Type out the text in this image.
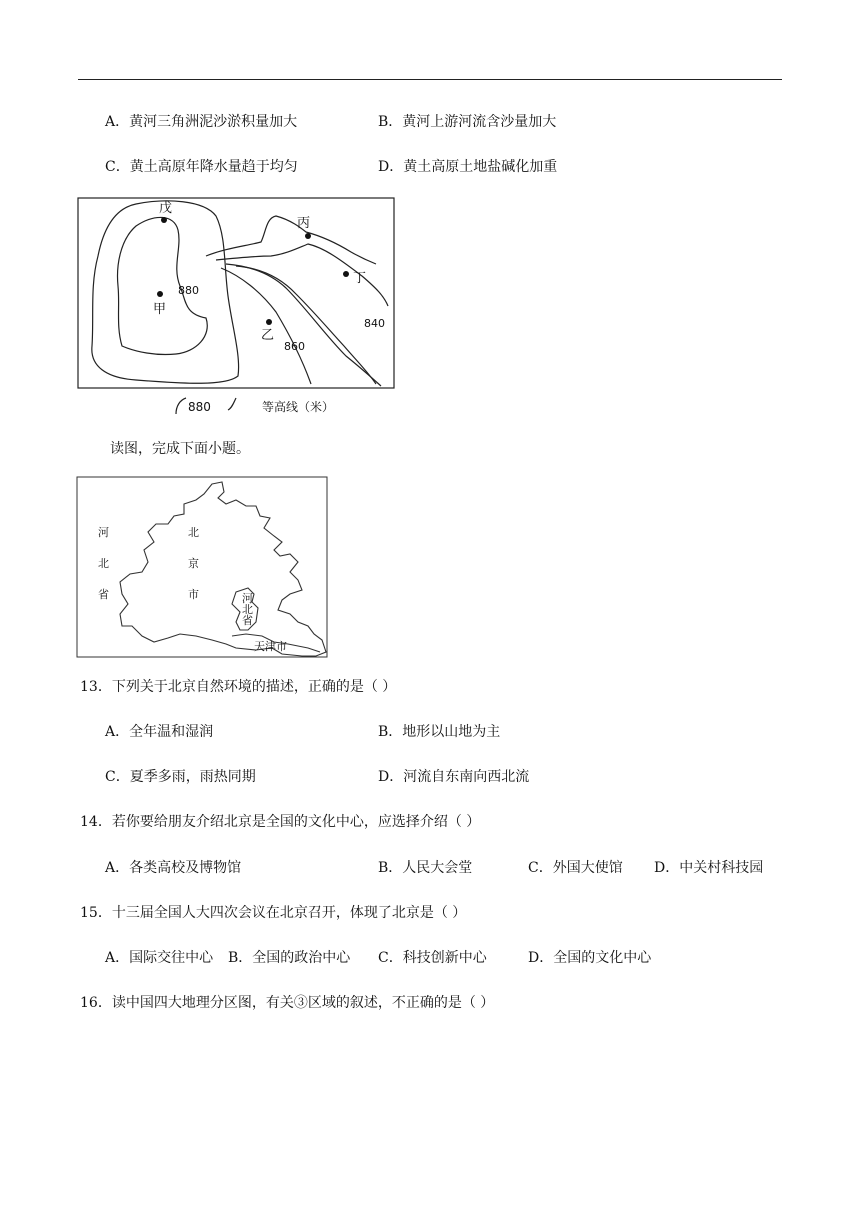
A．黄河三角洲泥沙淤积量加大	B．黄河上游河流含沙量加大
C．黄土高原年降水量趋于均匀	D．黄土高原土地盐碱化加重
戊
丙
丁
甲
乙
880
860
840
880	等高线（米）
读图，完成下面小题。
河
北
省
北
京
市	河
北
省
天津市
13．下列关于北京自然环境的描述，正确的是（ ）
A．全年温和湿润	B．地形以山地为主
C．夏季多雨，雨热同期	D．河流自东南向西北流
14．若你要给朋友介绍北京是全国的文化中心，应选择介绍（ ）
A．各类高校及博物馆	B．人民大会堂	C．外国大使馆 D．中关村科技园
15．十三届全国人大四次会议在北京召开，体现了北京是（ ）
A．国际交往中心 B．全国的政治中心 C．科技创新中心	D．全国的文化中心
16．读中国四大地理分区图，有关③区域的叙述，不正确的是（ ）
